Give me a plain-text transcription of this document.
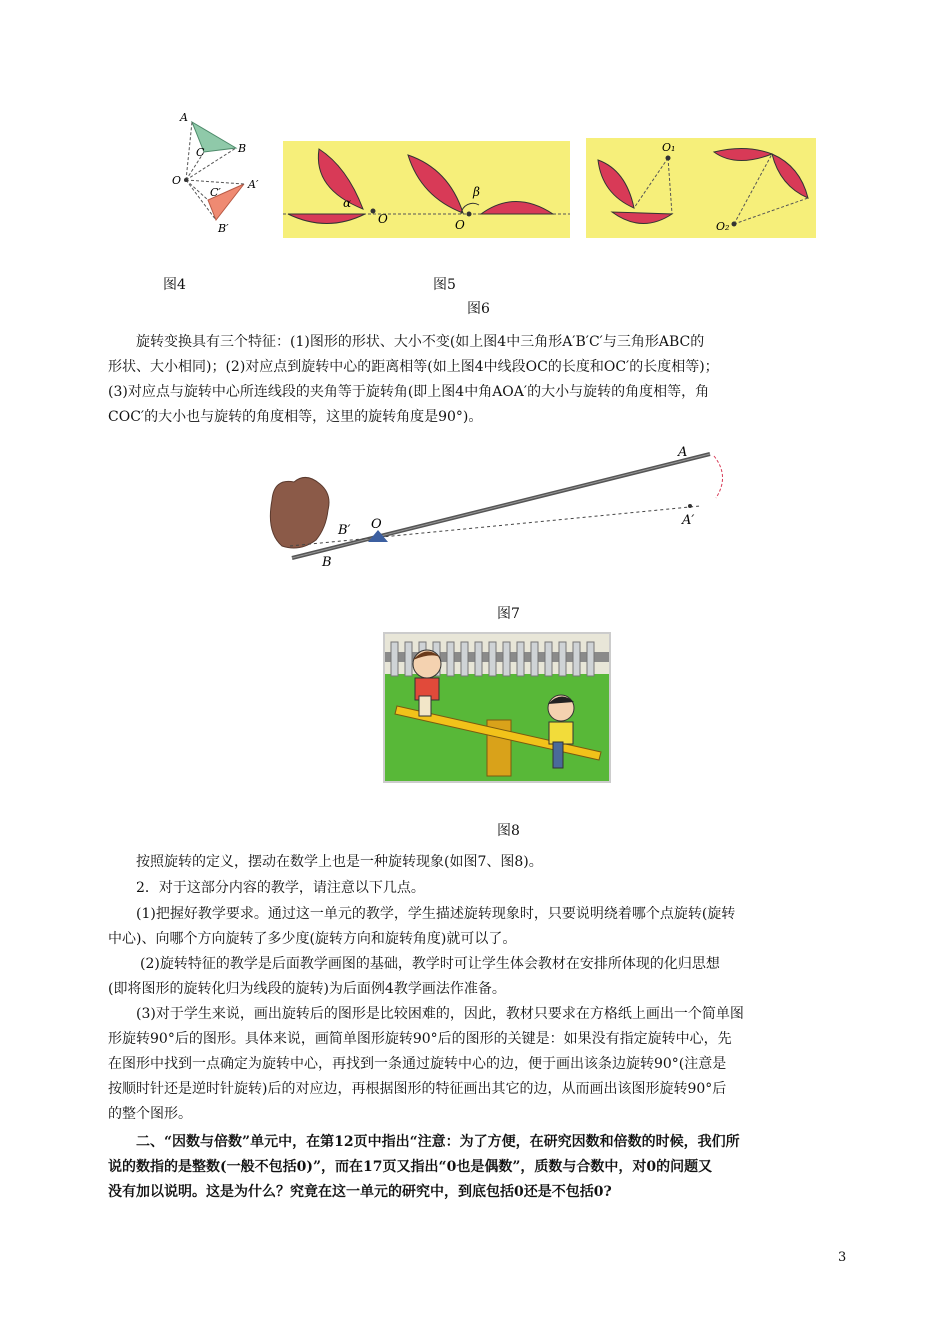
A
B
C
O	A′
B′
C′
α
β
O	O
O₁
O₂
图4	图5
图6
旋转变换具有三个特征：(1)图形的形状、大小不变(如上图4中三角形A′B′C′与三角形ABC的
形状、大小相同)；(2)对应点到旋转中心的距离相等(如上图4中线段OC的长度和OC′的长度相等)；
(3)对应点与旋转中心所连线段的夹角等于旋转角(即上图4中角AOA′的大小与旋转的角度相等，角
COC′的大小也与旋转的角度相等，这里的旋转角度是90°)。
A
A′
B
B′ O
图7
图8
按照旋转的定义，摆动在数学上也是一种旋转现象(如图7、图8)。
2．对于这部分内容的教学，请注意以下几点。
(1)把握好教学要求。通过这一单元的教学，学生描述旋转现象时，只要说明绕着哪个点旋转(旋转
中心)、向哪个方向旋转了多少度(旋转方向和旋转角度)就可以了。
(2)旋转特征的教学是后面教学画图的基础，教学时可让学生体会教材在安排所体现的化归思想
(即将图形的旋转化归为线段的旋转)为后面例4教学画法作准备。
(3)对于学生来说，画出旋转后的图形是比较困难的，因此，教材只要求在方格纸上画出一个简单图
形旋转90°后的图形。具体来说，画简单图形旋转90°后的图形的关键是：如果没有指定旋转中心，先
在图形中找到一点确定为旋转中心，再找到一条通过旋转中心的边，便于画出该条边旋转90°(注意是
按顺时针还是逆时针旋转)后的对应边，再根据图形的特征画出其它的边，从而画出该图形旋转90°后
的整个图形。
二、“因数与倍数”单元中，在第12页中指出“注意：为了方便，在研究因数和倍数的时候，我们所
说的数指的是整数(一般不包括0)”，而在17页又指出“0也是偶数”，质数与合数中，对0的问题又
没有加以说明。这是为什么？究竟在这一单元的研究中，到底包括0还是不包括0?
3
